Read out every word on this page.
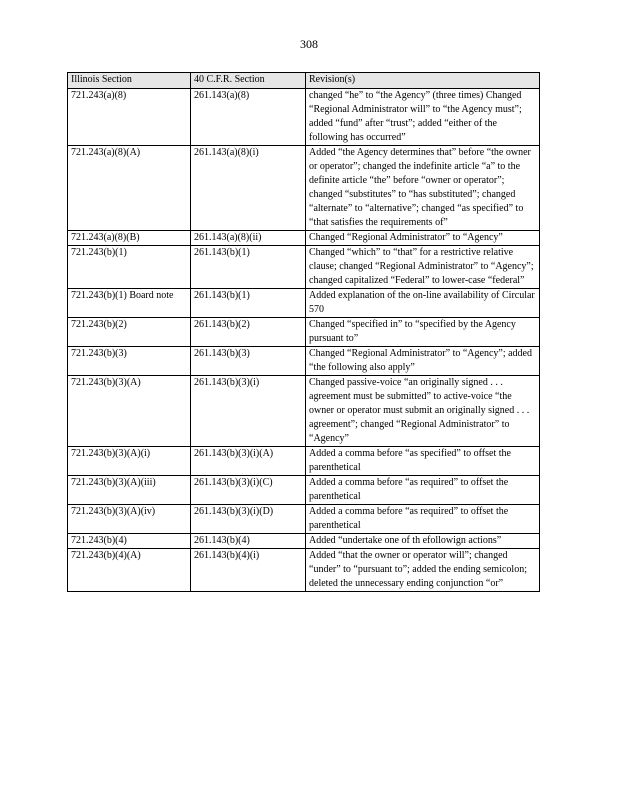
308
Illinois Section	40 C.F.R. Section	Revision(s)
721.243(a)(8)	261.143(a)(8)	changed “he” to “the Agency” (three times) Changed “Regional Administrator will” to “the Agency must”; added “fund” after “trust”; added “either of the following has occurred”
721.243(a)(8)(A)	261.143(a)(8)(i)	Added “the Agency determines that” before “the owner or operator”; changed the indefinite article “a” to the definite article “the” before “owner or operator”; changed “substitutes” to “has substituted”; changed “alternate” to “alternative”; changed “as specified” to “that satisfies the requirements of”
721.243(a)(8)(B)	261.143(a)(8)(ii)	Changed “Regional Administrator” to “Agency”
721.243(b)(1)	261.143(b)(1)	Changed “which” to “that” for a restrictive relative clause; changed “Regional Administrator” to “Agency”; changed capitalized “Federal” to lower-case “federal”
721.243(b)(1) Board note	261.143(b)(1)	Added explanation of the on-line availability of Circular 570
721.243(b)(2)	261.143(b)(2)	Changed “specified in” to “specified by the Agency pursuant to”
721.243(b)(3)	261.143(b)(3)	Changed “Regional Administrator” to “Agency”; added “the following also apply”
721.243(b)(3)(A)	261.143(b)(3)(i)	Changed passive-voice “an originally signed . . . agreement must be submitted” to active-voice “the owner or operator must submit an originally signed . . . agreement”; changed “Regional Administrator” to “Agency”
721.243(b)(3)(A)(i)	261.143(b)(3)(i)(A)	Added a comma before “as specified” to offset the parenthetical
721.243(b)(3)(A)(iii)	261.143(b)(3)(i)(C)	Added a comma before “as required” to offset the parenthetical
721.243(b)(3)(A)(iv)	261.143(b)(3)(i)(D)	Added a comma before “as required” to offset the parenthetical
721.243(b)(4)	261.143(b)(4)	Added “undertake one of th efollowign actions”
721.243(b)(4)(A)	261.143(b)(4)(i)	Added “that the owner or operator will”; changed “under” to “pursuant to”; added the ending semicolon; deleted the unnecessary ending conjunction “or”
